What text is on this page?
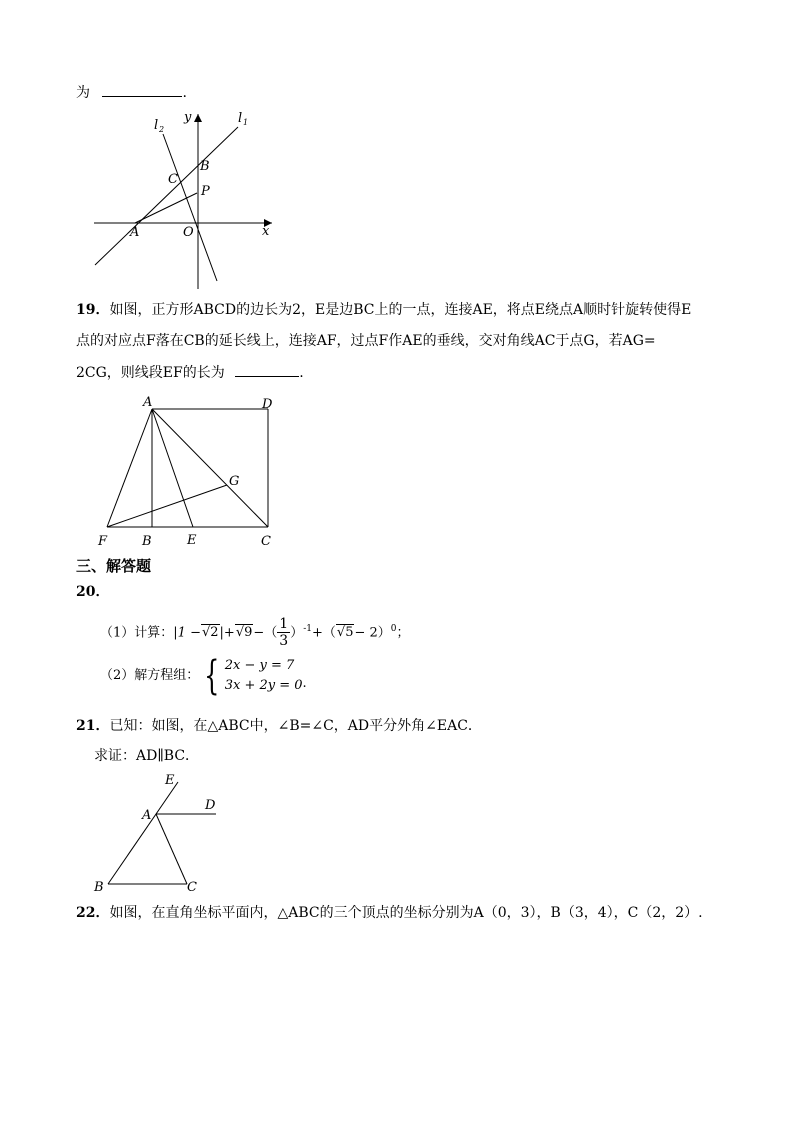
为	.
l 1
l 2
y
x
B
C
P
A	O
19．如图，正方形ABCD的边长为2，E是边BC上的一点，连接AE，将点E绕点A顺时针旋转使得E
点的对应点F落在CB的延长线上，连接AF，过点F作AE的垂线，交对角线AC于点G，若AG=
2CG，则线段EF的长为	.
A	D
G
F	B	E	C
三、解答题
20．
（1）计算：$|1 -√2|+√9-( \frac{1}{3} )^{-1}+(√5- 2)^0$；
（2）解方程组： { 2x − y = 7
3x + 2y = 0 .
21．已知：如图，在△ABC中，∠B=∠C，AD平分外角∠EAC．
求证：AD∥BC．
E
A
D
B	C
22．如图，在直角坐标平面内，△ABC的三个顶点的坐标分别为A（0，3），B（3，4），C（2，2）.
